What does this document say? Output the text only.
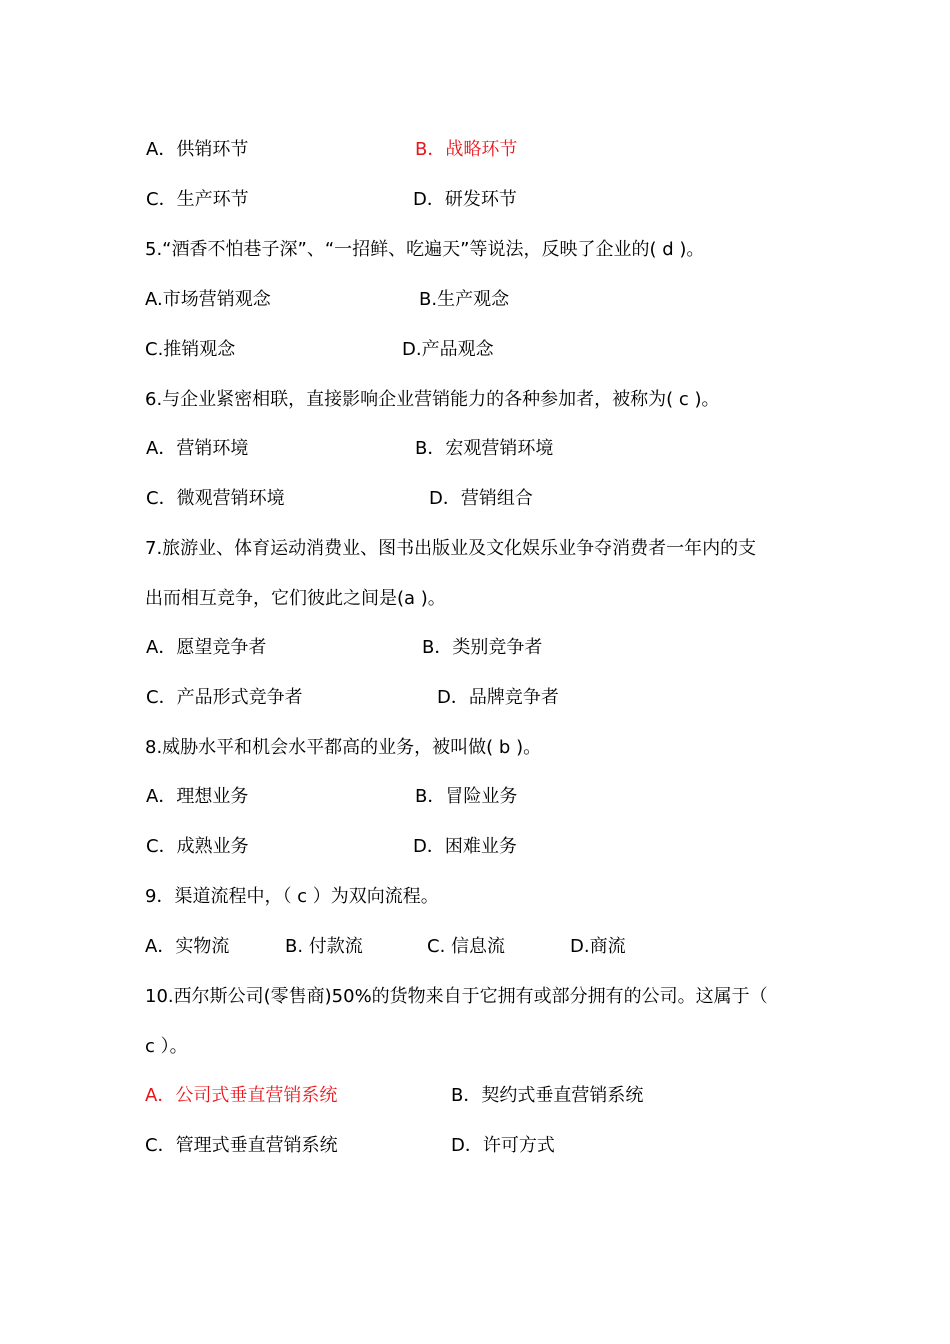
A．供销环节	B．战略环节
C．生产环节	D．研发环节
5.“酒香不怕巷子深”、“一招鲜、吃遍天”等说法，反映了企业的( d )。
A.市场营销观念	B.生产观念
C.推销观念	D.产品观念
6.与企业紧密相联，直接影响企业营销能力的各种参加者，被称为( c )。
A．营销环境	B．宏观营销环境
C．微观营销环境	D．营销组合
7.旅游业、体育运动消费业、图书出版业及文化娱乐业争夺消费者一年内的支
出而相互竞争，它们彼此之间是(a )。
A．愿望竞争者	B．类别竞争者
C．产品形式竞争者	D．品牌竞争者
8.威胁水平和机会水平都高的业务，被叫做( b )。
A．理想业务	B．冒险业务
C．成熟业务	D．困难业务
9．渠道流程中，（ c ）为双向流程。
A．实物流	B. 付款流	C. 信息流	D.商流
10.西尔斯公司(零售商)50%的货物来自于它拥有或部分拥有的公司。这属于（
c ）。
A．公司式垂直营销系统	B．契约式垂直营销系统
C．管理式垂直营销系统	D．许可方式
